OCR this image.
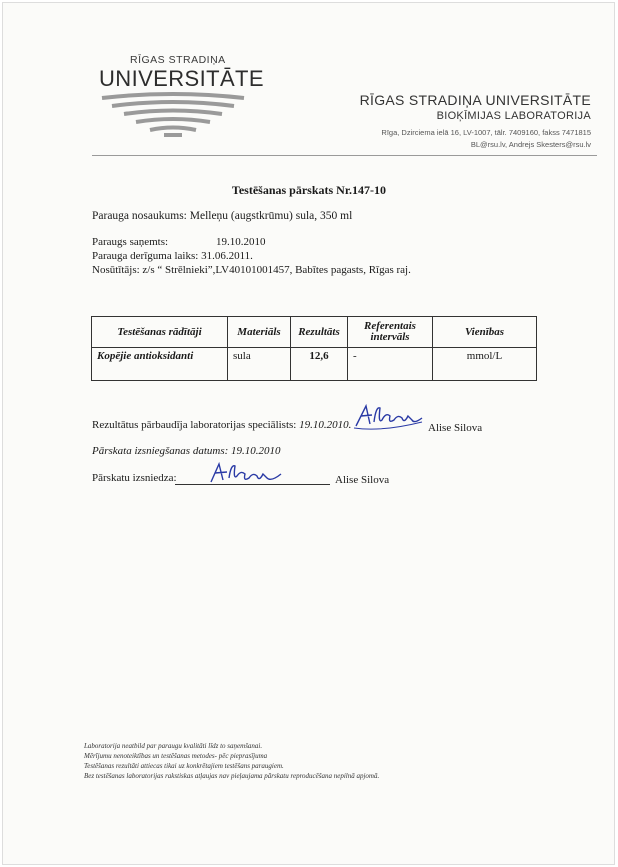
RĪGAS STRADIŅA
UNIVERSITĀTE
RĪGAS STRADIŅA UNIVERSITĀTE
BIOĶĪMIJAS LABORATORIJA
Rīga, Dzirciema ielā 16, LV-1007, tālr. 7409160, fakss 7471815
BL@rsu.lv, Andrejs Skesters@rsu.lv
Testēšanas pārskats Nr.147-10
Parauga nosaukums: Melleņu (augstkrūmu) sula, 350 ml
Paraugs saņemts:	19.10.2010
Parauga derīguma laiks: 31.06.2011.
Nosūtītājs: z/s “ Strēlnieki”,LV40101001457, Babītes pagasts, Rīgas raj.
Testēšanas rādītāji	Materiāls	Rezultāts	Referentais intervāls	Vienības
Kopējie antioksidanti	sula	12,6	-	mmol/L
Rezultātus pārbaudīja laboratorijas speciālists: 19.10.2010.	Alise Silova
Pārskata izsniegšanas datums: 19.10.2010
Pārskatu izsniedza:	Alise Silova
Laboratorija neatbild par paraugu kvalitāti līdz to saņemšanai.
Mērījumu nenoteiktības un testēšanas metodes- pēc pieprasījuma
Testēšanas rezultāti attiecas tikai uz konkrētajiem testēšans paraugiem.
Bez testēšanas laboratorijas rakstiskas atļaujas nav pieļaujama pārskatu reproducēšana nepilnā apjomā.
